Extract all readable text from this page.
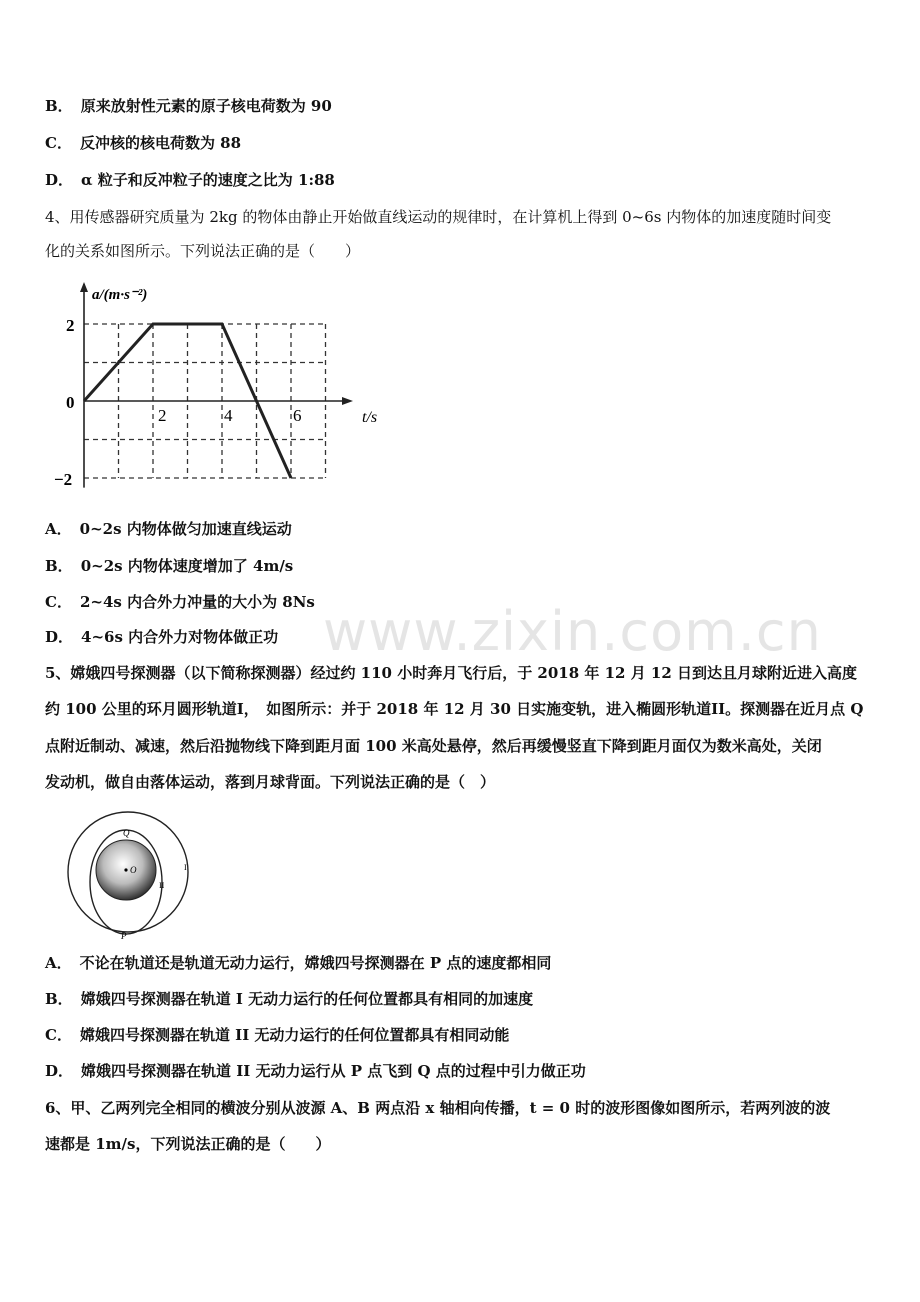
B． 原来放射性元素的原子核电荷数为 90
C． 反冲核的核电荷数为 88
D． α 粒子和反冲粒子的速度之比为 1:88
4、用传感器研究质量为 2kg 的物体由静止开始做直线运动的规律时，在计算机上得到 0~6s 内物体的加速度随时间变
化的关系如图所示。下列说法正确的是（　　）
a/(m·s⁻²)
t/s
2
0
−2
2	4	6
A． 0~2s 内物体做匀加速直线运动
B． 0~2s 内物体速度增加了 4m/s
C． 2~4s 内合外力冲量的大小为 8Ns
D． 4~6s 内合外力对物体做正功 www.zixin.com.cn
5、嫦娥四号探测器（以下简称探测器）经过约 110 小时奔月飞行后，于 2018 年 12 月 12 日到达且月球附近进入高度
约 100 公里的环月圆形轨道I，　如图所示：并于 2018 年 12 月 30 日实施变轨，进入椭圆形轨道II。探测器在近月点 Q
点附近制动、减速，然后沿抛物线下降到距月面 100 米高处悬停，然后再缓慢竖直下降到距月面仅为数米高处，关闭
发动机，做自由落体运动，落到月球背面。下列说法正确的是（　）
O
Q
P
II
I
A． 不论在轨道还是轨道无动力运行，嫦娥四号探测器在 P 点的速度都相同
B． 嫦娥四号探测器在轨道 I 无动力运行的任何位置都具有相同的加速度
C． 嫦娥四号探测器在轨道 II 无动力运行的任何位置都具有相同动能
D． 嫦娥四号探测器在轨道 II 无动力运行从 P 点飞到 Q 点的过程中引力做正功
6、甲、乙两列完全相同的横波分别从波源 A、B 两点沿 x 轴相向传播，t = 0 时的波形图像如图所示，若两列波的波
速都是 1m/s，下列说法正确的是（　　）
